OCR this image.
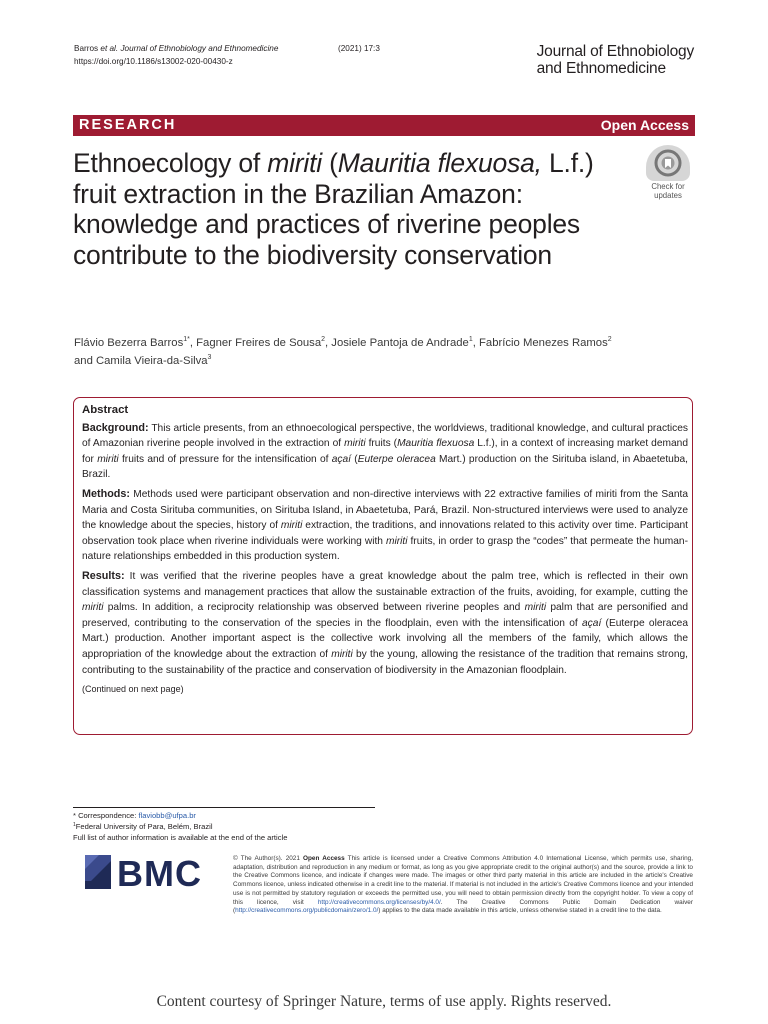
Barros et al. Journal of Ethnobiology and Ethnomedicine	(2021) 17:3
https://doi.org/10.1186/s13002-020-00430-z
Journal of Ethnobiology
and Ethnomedicine
RESEARCH	Open Access
Ethnoecology of miriti (Mauritia flexuosa, L.f.) fruit extraction in the Brazilian Amazon: knowledge and practices of riverine peoples contribute to the biodiversity conservation
Check for
updates
Flávio Bezerra Barros$^{1*}$, Fagner Freires de Sousa$^2$, Josiele Pantoja de Andrade$^1$, Fabrício Menezes Ramos$^2$
and Camila Vieira-da-Silva$^3$
Abstract

Background: This article presents, from an ethnoecological perspective, the worldviews, traditional knowledge, and cultural practices of Amazonian riverine people involved in the extraction of miriti fruits (Mauritia flexuosa L.f.), in a context of increasing market demand for miriti fruits and of pressure for the intensification of açaí (Euterpe oleracea Mart.) production on the Sirituba island, in Abaetetuba, Brazil.

Methods: Methods used were participant observation and non-directive interviews with 22 extractive families of miriti from the Santa Maria and Costa Sirituba communities, on Sirituba Island, in Abaetetuba, Pará, Brazil. Non-structured interviews were used to analyze the knowledge about the species, history of miriti extraction, the traditions, and innovations related to this activity over time. Participant observation took place when riverine individuals were working with miriti fruits, in order to grasp the “codes” that permeate the human-nature relationships embedded in this production system.

Results: It was verified that the riverine peoples have a great knowledge about the palm tree, which is reflected in their own classification systems and management practices that allow the sustainable extraction of the fruits, avoiding, for example, cutting the miriti palms. In addition, a reciprocity relationship was observed between riverine peoples and miriti palm that are personified and preserved, contributing to the conservation of the species in the floodplain, even with the intensification of açaí (Euterpe oleracea Mart.) production. Another important aspect is the collective work involving all the members of the family, which allows the appropriation of the knowledge about the extraction of miriti by the young, allowing the resistance of the tradition that remains strong, contributing to the sustainability of the practice and conservation of biodiversity in the Amazonian floodplain.

(Continued on next page)
* Correspondence: flaviobb@ufpa.br
$^1$Federal University of Para, Belém, Brazil
Full list of author information is available at the end of the article
BMC	© The Author(s). 2021 Open Access This article is licensed under a Creative Commons Attribution 4.0 International License, which permits use, sharing, adaptation, distribution and reproduction in any medium or format, as long as you give appropriate credit to the original author(s) and the source, provide a link to the Creative Commons licence, and indicate if changes were made. The images or other third party material in this article are included in the article's Creative Commons licence, unless indicated otherwise in a credit line to the material. If material is not included in the article's Creative Commons licence and your intended use is not permitted by statutory regulation or exceeds the permitted use, you will need to obtain permission directly from the copyright holder. To view a copy of this licence, visit http://creativecommons.org/licenses/by/4.0/. The Creative Commons Public Domain Dedication waiver (http://creativecommons.org/publicdomain/zero/1.0/) applies to the data made available in this article, unless otherwise stated in a credit line to the data.
Content courtesy of Springer Nature, terms of use apply. Rights reserved.
